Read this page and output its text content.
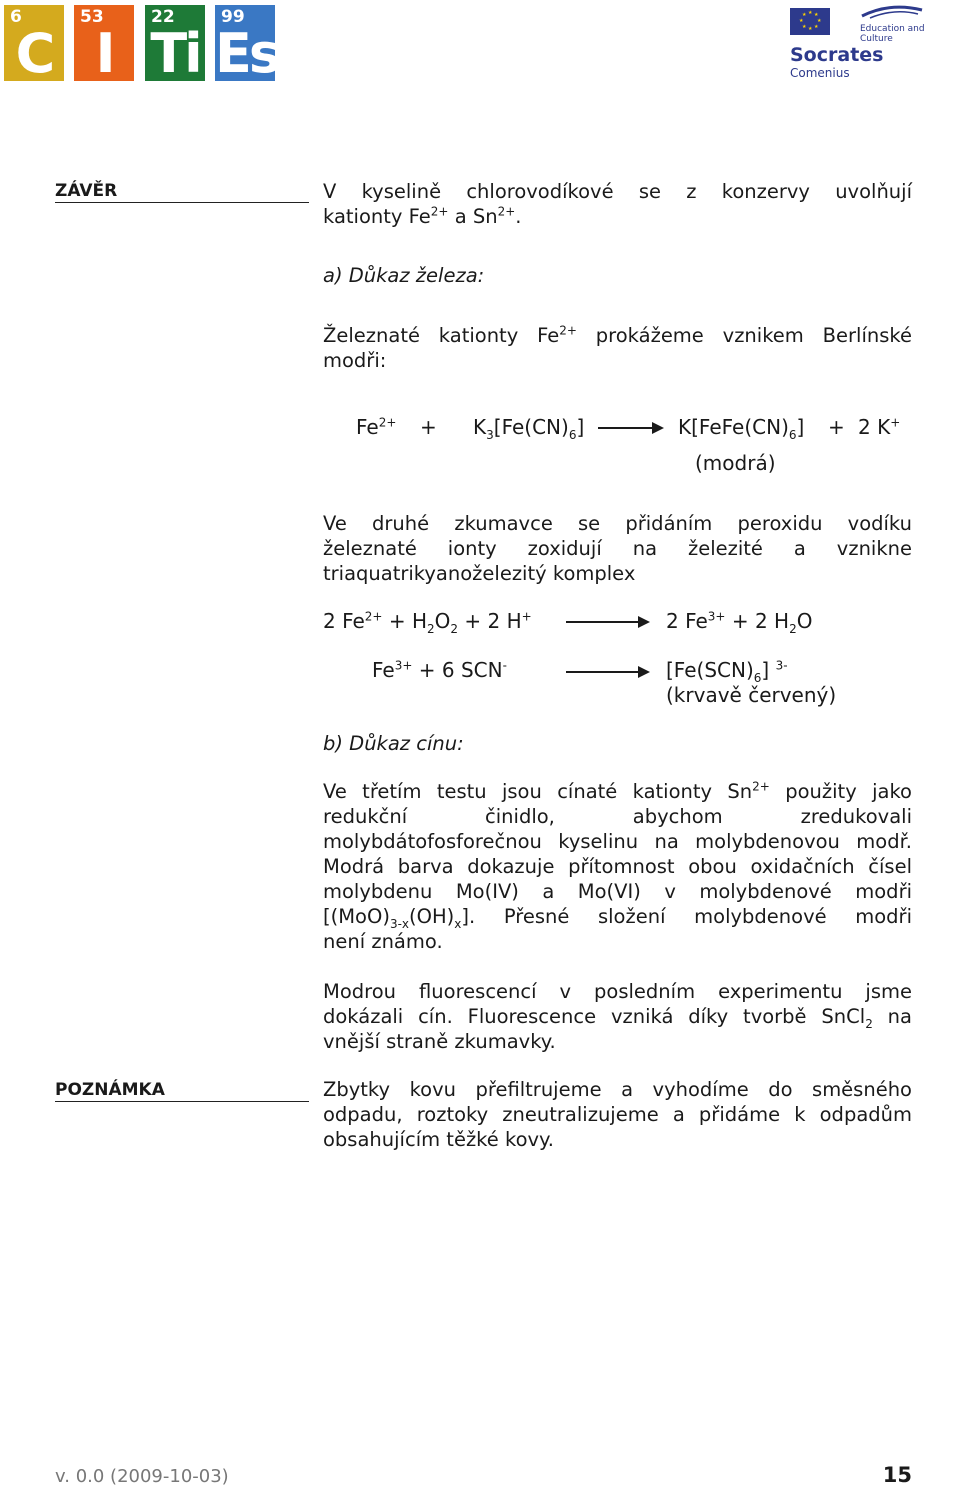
6
C
53
I
22
Ti
99
Es
★ ★
★
★
★
★
★
★
Education and Culture
Socrates
Comenius
ZÁVĚR	V kyselině chlorovodíkové se z konzervy uvolňují
kationty $Fe^{2+}$ a $Sn^{2+}$.
a) Důkaz železa:
Železnaté kationty $Fe^{2+}$ prokážeme vznikem Berlínské
modři:
$Fe^{2+} + K_3[Fe(CN)_6]$	$K[FeFe(CN)_6] + 2$ K+
(modrá)
Ve druhé zkumavce se přidáním peroxidu vodíku
železnaté ionty zoxidují na železité a vznikne
triaquatrikyanoželezitý komplex
2 $Fe^{2+} + H_2O_2 + 2$ H+	2 $Fe^{3+} + 2$ $H_2O$
$Fe^{3+} + 6$ SCN-	$[Fe(SCN)_6]$ $^{3-}$
(krvavě červený)
b) Důkaz cínu:
Ve třetím testu jsou cínaté kationty $Sn^{2+}$ použity jako
redukční činidlo, abychom zredukovali
molybdátofosforečnou kyselinu na molybdenovou modř.
Modrá barva dokazuje přítomnost obou oxidačních čísel
molybdenu Mo(IV) a Mo(VI) v molybdenové modři
$[(MoO)_{3-x}(OH)_x]$. Přesné složení molybdenové modři
není známo.
Modrou fluorescencí v posledním experimentu jsme
dokázali cín. Fluorescence vzniká díky tvorbě SnCl$_2$ na
vnější straně zkumavky.
POZNÁMKA	Zbytky kovu přefiltrujeme a vyhodíme do směsného
odpadu, roztoky zneutralizujeme a přidáme k odpadům
obsahujícím těžké kovy.
v. 0.0 (2009-10-03)	15
